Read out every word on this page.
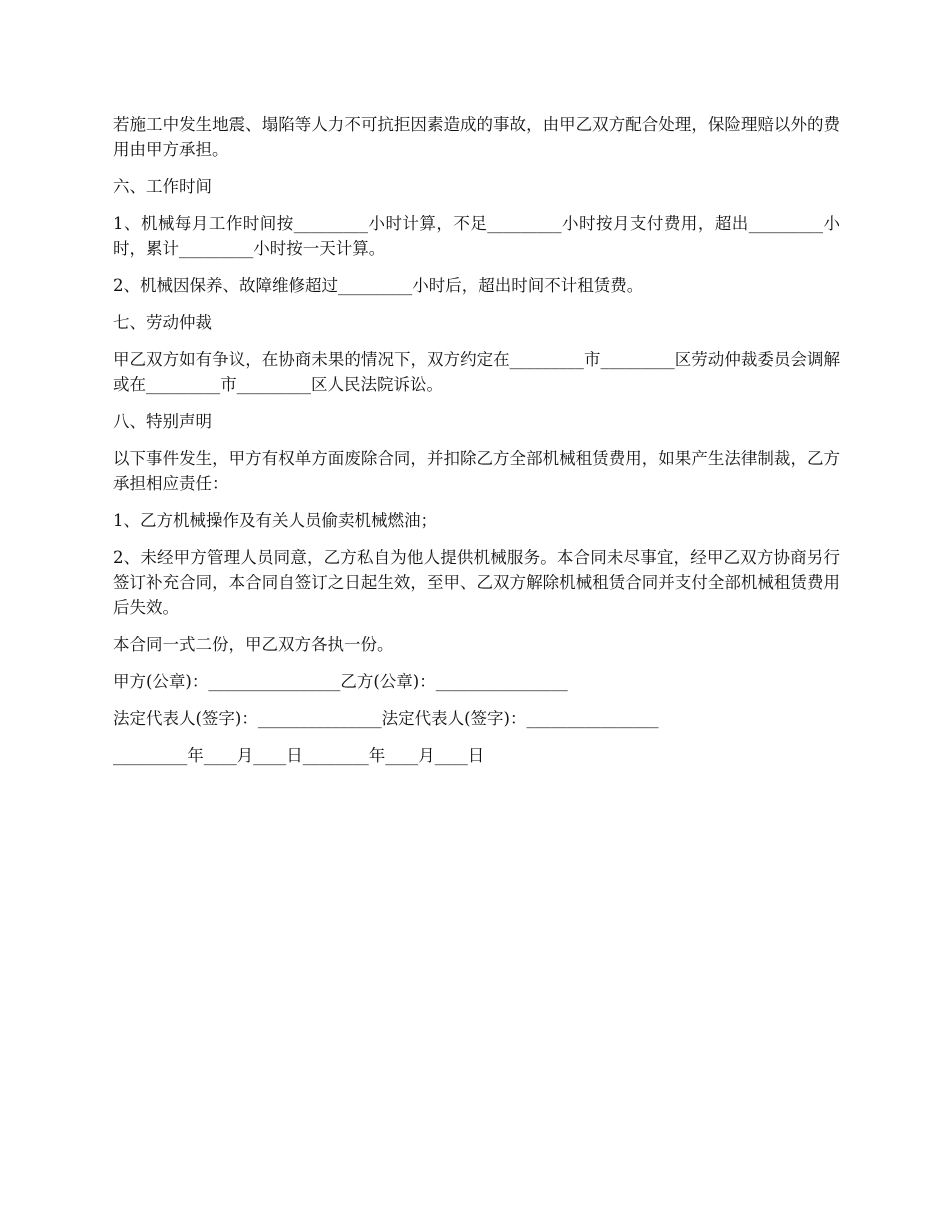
若施工中发生地震、塌陷等人力不可抗拒因素造成的事故，由甲乙双方配合处理，保险理赔以外的费用由甲方承担。

六、工作时间

1、机械每月工作时间按_________小时计算，不足_________小时按月支付费用，超出_________小时，累计_________小时按一天计算。

2、机械因保养、故障维修超过_________小时后，超出时间不计租赁费。

七、劳动仲裁

甲乙双方如有争议，在协商未果的情况下，双方约定在_________市_________区劳动仲裁委员会调解或在_________市_________区人民法院诉讼。

八、特别声明

以下事件发生，甲方有权单方面废除合同，并扣除乙方全部机械租赁费用，如果产生法律制裁，乙方承担相应责任：

1、乙方机械操作及有关人员偷卖机械燃油；

2、未经甲方管理人员同意，乙方私自为他人提供机械服务。本合同未尽事宜，经甲乙双方协商另行签订补充合同，本合同自签订之日起生效，至甲、乙双方解除机械租赁合同并支付全部机械租赁费用后失效。

本合同一式二份，甲乙双方各执一份。

甲方(公章)：________________乙方(公章)：________________

法定代表人(签字)：_______________法定代表人(签字)：________________

_________年____月____日________年____月____日
